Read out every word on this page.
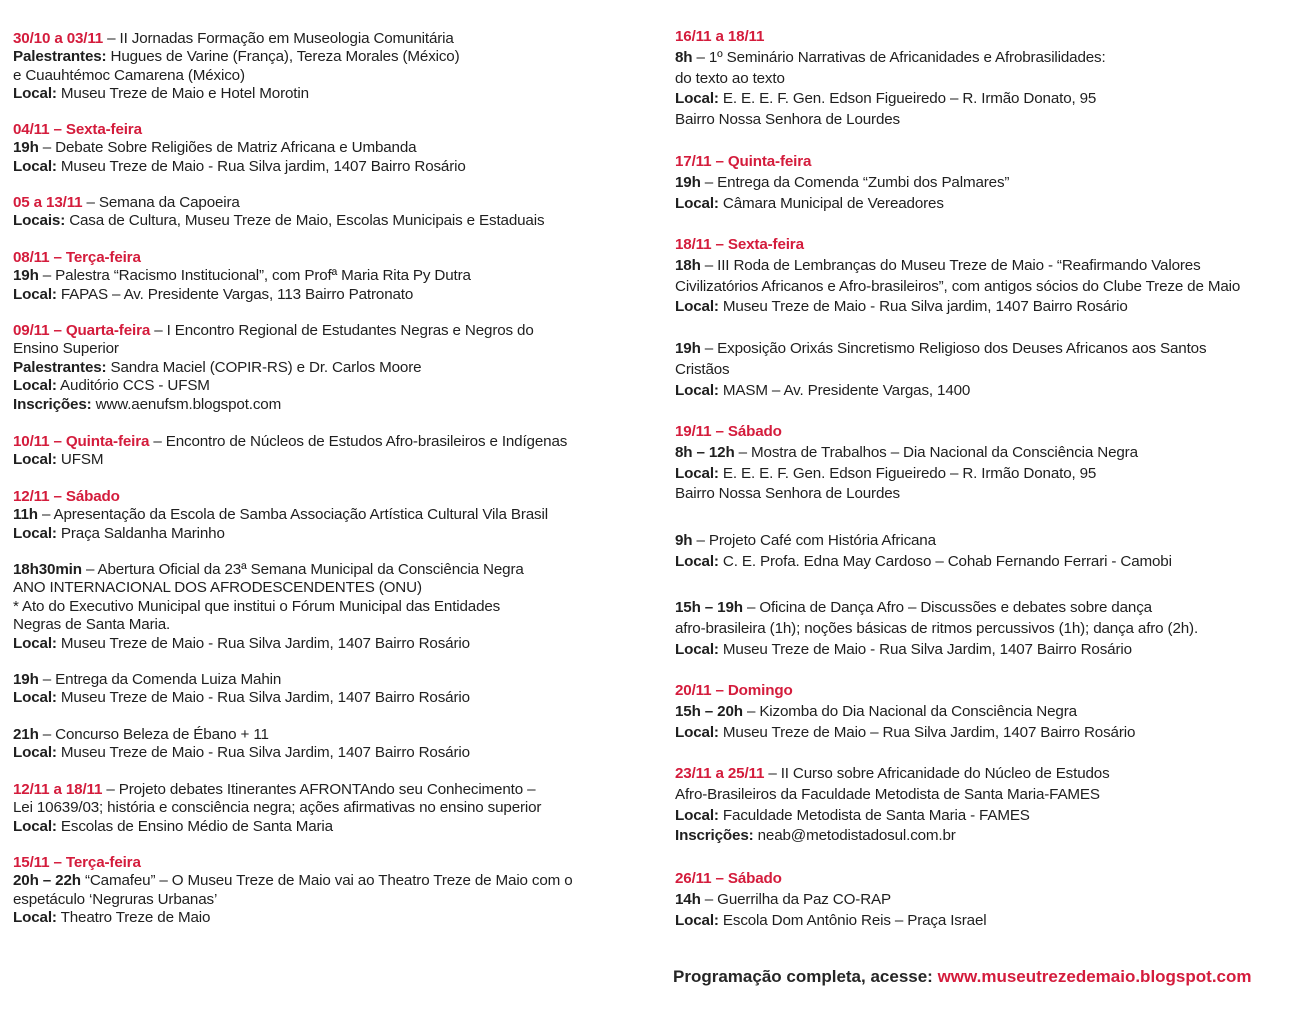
30/10 a 03/11 – II Jornadas Formação em Museologia Comunitária
Palestrantes: Hugues de Varine (França), Tereza Morales (México)
e Cuauhtémoc Camarena (México)
Local: Museu Treze de Maio e Hotel Morotin
04/11 – Sexta-feira
19h – Debate Sobre Religiões de Matriz Africana e Umbanda
Local: Museu Treze de Maio - Rua Silva jardim, 1407 Bairro Rosário
05 a 13/11 – Semana da Capoeira
Locais: Casa de Cultura, Museu Treze de Maio, Escolas Municipais e Estaduais
08/11 – Terça-feira
19h – Palestra “Racismo Institucional”, com Profª Maria Rita Py Dutra
Local: FAPAS – Av. Presidente Vargas, 113 Bairro Patronato
09/11 – Quarta-feira – I Encontro Regional de Estudantes Negras e Negros do
Ensino Superior
Palestrantes: Sandra Maciel (COPIR-RS) e Dr. Carlos Moore
Local: Auditório CCS - UFSM
Inscrições: www.aenufsm.blogspot.com
10/11 – Quinta-feira – Encontro de Núcleos de Estudos Afro-brasileiros e Indígenas
Local: UFSM
12/11 – Sábado
11h – Apresentação da Escola de Samba Associação Artística Cultural Vila Brasil
Local: Praça Saldanha Marinho
18h30min – Abertura Oficial da 23ª Semana Municipal da Consciência Negra
ANO INTERNACIONAL DOS AFRODESCENDENTES (ONU)
* Ato do Executivo Municipal que institui o Fórum Municipal das Entidades
Negras de Santa Maria.
Local: Museu Treze de Maio - Rua Silva Jardim, 1407 Bairro Rosário
19h – Entrega da Comenda Luiza Mahin
Local: Museu Treze de Maio - Rua Silva Jardim, 1407 Bairro Rosário
21h – Concurso Beleza de Ébano + 11
Local: Museu Treze de Maio - Rua Silva Jardim, 1407 Bairro Rosário
12/11 a 18/11 – Projeto debates Itinerantes AFRONTAndo seu Conhecimento –
Lei 10639/03; história e consciência negra; ações afirmativas no ensino superior
Local: Escolas de Ensino Médio de Santa Maria
15/11 – Terça-feira
20h – 22h “Camafeu” – O Museu Treze de Maio vai ao Theatro Treze de Maio com o
espetáculo ‘Negruras Urbanas’
Local: Theatro Treze de Maio
16/11 a 18/11
8h – 1º Seminário Narrativas de Africanidades e Afrobrasilidades:
do texto ao texto
Local: E. E. E. F. Gen. Edson Figueiredo – R. Irmão Donato, 95
Bairro Nossa Senhora de Lourdes
17/11 – Quinta-feira
19h – Entrega da Comenda “Zumbi dos Palmares”
Local: Câmara Municipal de Vereadores
18/11 – Sexta-feira
18h – III Roda de Lembranças do Museu Treze de Maio - “Reafirmando Valores
Civilizatórios Africanos e Afro-brasileiros”, com antigos sócios do Clube Treze de Maio
Local: Museu Treze de Maio - Rua Silva jardim, 1407 Bairro Rosário
19h – Exposição Orixás Sincretismo Religioso dos Deuses Africanos aos Santos
Cristãos
Local: MASM – Av. Presidente Vargas, 1400
19/11 – Sábado
8h – 12h – Mostra de Trabalhos – Dia Nacional da Consciência Negra
Local: E. E. E. F. Gen. Edson Figueiredo – R. Irmão Donato, 95
Bairro Nossa Senhora de Lourdes
9h – Projeto Café com História Africana
Local: C. E. Profa. Edna May Cardoso – Cohab Fernando Ferrari - Camobi
15h – 19h – Oficina de Dança Afro – Discussões e debates sobre dança
afro-brasileira (1h); noções básicas de ritmos percussivos (1h); dança afro (2h).
Local: Museu Treze de Maio - Rua Silva Jardim, 1407 Bairro Rosário
20/11 – Domingo
15h – 20h – Kizomba do Dia Nacional da Consciência Negra
Local: Museu Treze de Maio – Rua Silva Jardim, 1407 Bairro Rosário
23/11 a 25/11 – II Curso sobre Africanidade do Núcleo de Estudos
Afro-Brasileiros da Faculdade Metodista de Santa Maria-FAMES
Local: Faculdade Metodista de Santa Maria - FAMES
Inscrições: neab@metodistadosul.com.br
26/11 – Sábado
14h – Guerrilha da Paz CO-RAP
Local: Escola Dom Antônio Reis – Praça Israel
Programação completa, acesse: www.museutrezedemaio.blogspot.com
